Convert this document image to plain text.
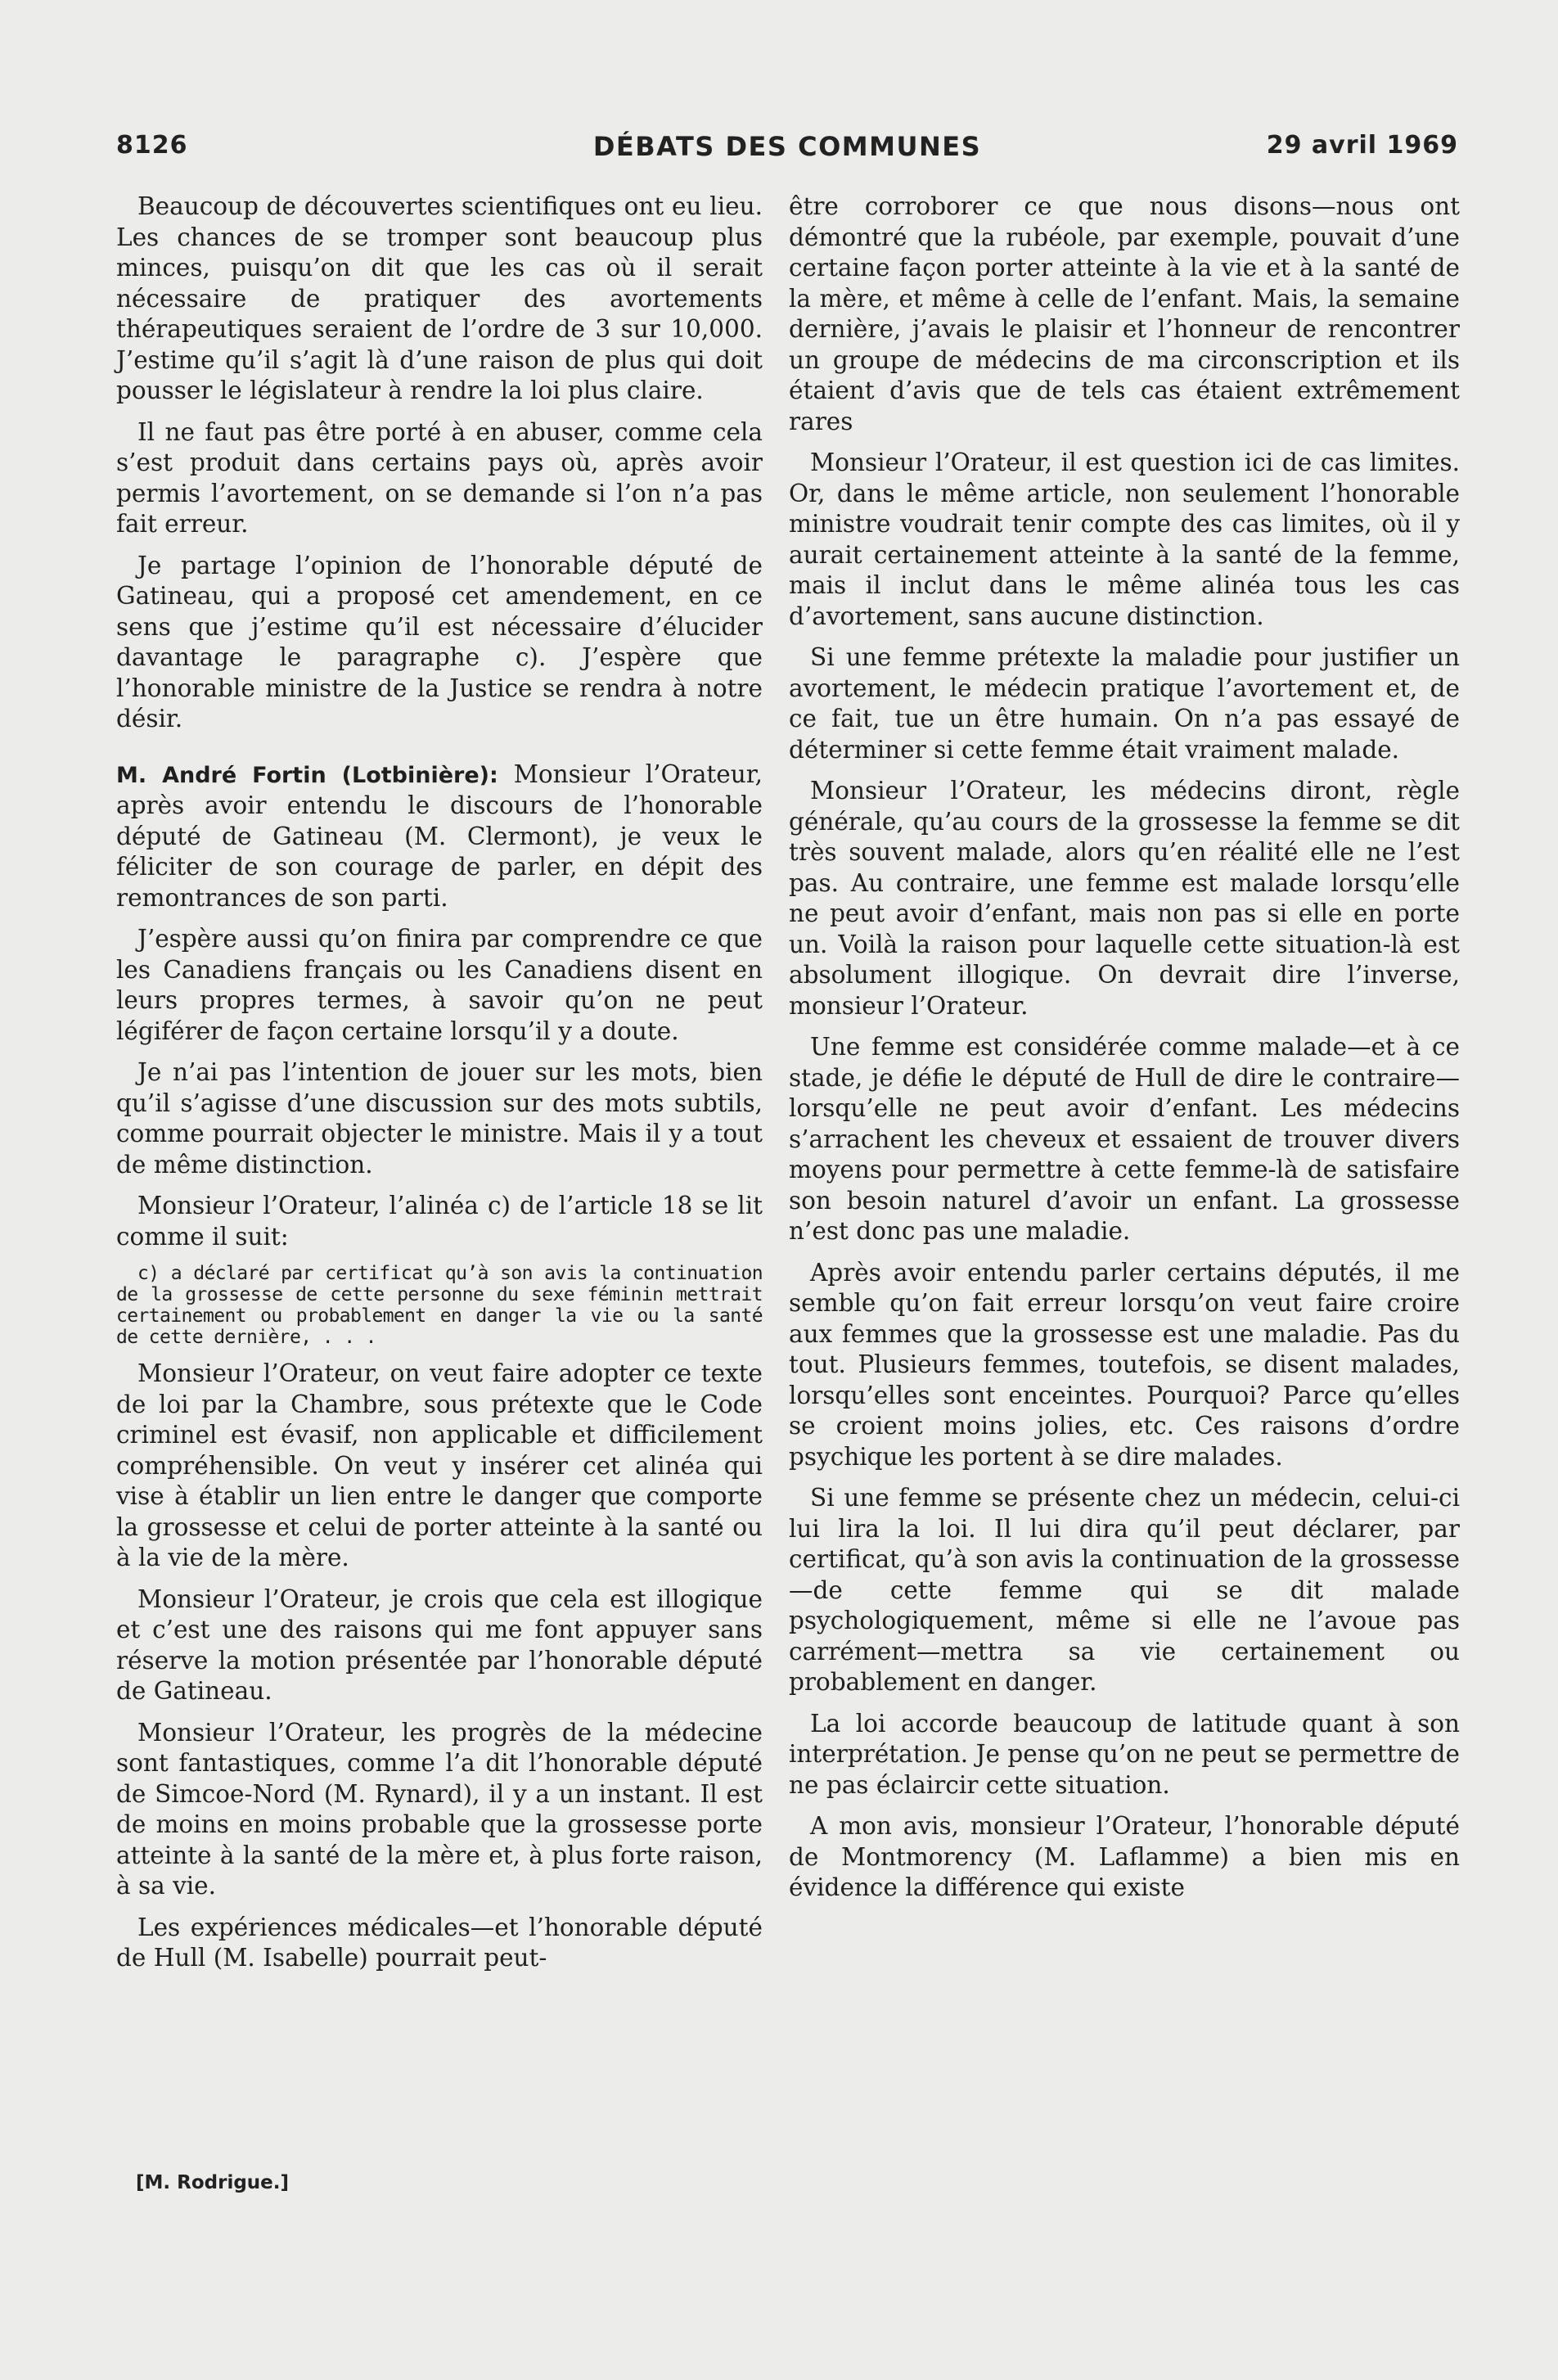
8126	DÉBATS DES COMMUNES	29 avril 1969

Beaucoup de découvertes scientifiques ont eu lieu. Les chances de se tromper sont beaucoup plus minces, puisqu’on dit que les cas où il serait nécessaire de pratiquer des avortements thérapeutiques seraient de l’ordre de 3 sur 10,000. J’estime qu’il s’agit là d’une raison de plus qui doit pousser le législateur à rendre la loi plus claire.

Il ne faut pas être porté à en abuser, comme cela s’est produit dans certains pays où, après avoir permis l’avortement, on se demande si l’on n’a pas fait erreur.

Je partage l’opinion de l’honorable député de Gatineau, qui a proposé cet amendement, en ce sens que j’estime qu’il est nécessaire d’élucider davantage le paragraphe c). J’espère que l’honorable ministre de la Justice se rendra à notre désir.

M. André Fortin (Lotbinière): Monsieur l’Orateur, après avoir entendu le discours de l’honorable député de Gatineau (M. Clermont), je veux le féliciter de son courage de parler, en dépit des remontrances de son parti.

J’espère aussi qu’on finira par comprendre ce que les Canadiens français ou les Canadiens disent en leurs propres termes, à savoir qu’on ne peut légiférer de façon certaine lorsqu’il y a doute.

Je n’ai pas l’intention de jouer sur les mots, bien qu’il s’agisse d’une discussion sur des mots subtils, comme pourrait objecter le ministre. Mais il y a tout de même distinction.

Monsieur l’Orateur, l’alinéa c) de l’article 18 se lit comme il suit:

c) a déclaré par certificat qu’à son avis la continuation de la grossesse de cette personne du sexe féminin mettrait certainement ou probablement en danger la vie ou la santé de cette dernière, . . .

Monsieur l’Orateur, on veut faire adopter ce texte de loi par la Chambre, sous prétexte que le Code criminel est évasif, non applicable et difficilement compréhensible. On veut y insérer cet alinéa qui vise à établir un lien entre le danger que comporte la grossesse et celui de porter atteinte à la santé ou à la vie de la mère.

Monsieur l’Orateur, je crois que cela est illogique et c’est une des raisons qui me font appuyer sans réserve la motion présentée par l’honorable député de Gatineau.

Monsieur l’Orateur, les progrès de la médecine sont fantastiques, comme l’a dit l’honorable député de Simcoe-Nord (M. Rynard), il y a un instant. Il est de moins en moins probable que la grossesse porte atteinte à la santé de la mère et, à plus forte raison, à sa vie.

Les expériences médicales—et l’honorable député de Hull (M. Isabelle) pourrait peut-

être corroborer ce que nous disons—nous ont démontré que la rubéole, par exemple, pouvait d’une certaine façon porter atteinte à la vie et à la santé de la mère, et même à celle de l’enfant. Mais, la semaine dernière, j’avais le plaisir et l’honneur de rencontrer un groupe de médecins de ma circonscription et ils étaient d’avis que de tels cas étaient extrêmement rares

Monsieur l’Orateur, il est question ici de cas limites. Or, dans le même article, non seulement l’honorable ministre voudrait tenir compte des cas limites, où il y aurait certainement atteinte à la santé de la femme, mais il inclut dans le même alinéa tous les cas d’avortement, sans aucune distinction.

Si une femme prétexte la maladie pour justifier un avortement, le médecin pratique l’avortement et, de ce fait, tue un être humain. On n’a pas essayé de déterminer si cette femme était vraiment malade.

Monsieur l’Orateur, les médecins diront, règle générale, qu’au cours de la grossesse la femme se dit très souvent malade, alors qu’en réalité elle ne l’est pas. Au contraire, une femme est malade lorsqu’elle ne peut avoir d’enfant, mais non pas si elle en porte un. Voilà la raison pour laquelle cette situation-là est absolument illogique. On devrait dire l’inverse, monsieur l’Orateur.

Une femme est considérée comme malade—et à ce stade, je défie le député de Hull de dire le contraire—lorsqu’elle ne peut avoir d’enfant. Les médecins s’arrachent les cheveux et essaient de trouver divers moyens pour permettre à cette femme-là de satisfaire son besoin naturel d’avoir un enfant. La grossesse n’est donc pas une maladie.

Après avoir entendu parler certains députés, il me semble qu’on fait erreur lorsqu’on veut faire croire aux femmes que la grossesse est une maladie. Pas du tout. Plusieurs femmes, toutefois, se disent malades, lorsqu’elles sont enceintes. Pourquoi? Parce qu’elles se croient moins jolies, etc. Ces raisons d’ordre psychique les portent à se dire malades.

Si une femme se présente chez un médecin, celui-ci lui lira la loi. Il lui dira qu’il peut déclarer, par certificat, qu’à son avis la continuation de la grossesse—de cette femme qui se dit malade psychologiquement, même si elle ne l’avoue pas carrément—mettra sa vie certainement ou probablement en danger.

La loi accorde beaucoup de latitude quant à son interprétation. Je pense qu’on ne peut se permettre de ne pas éclaircir cette situation.

A mon avis, monsieur l’Orateur, l’honorable député de Montmorency (M. Laflamme) a bien mis en évidence la différence qui existe

[M. Rodrigue.]
